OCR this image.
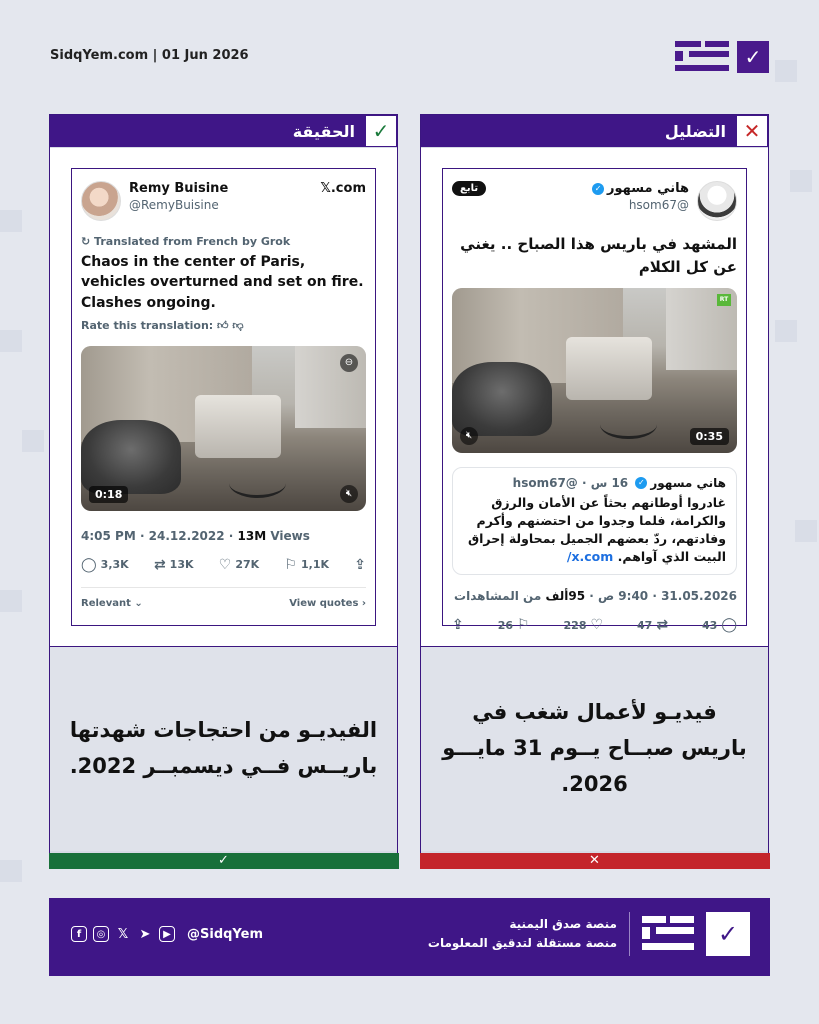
SidqYem.com | 01 Jun 2026	✓
الحقيقة ✓
Remy Buisine
@RemyBuisine
𝕏.com
↻ Translated from French by Grok
Chaos in the center of Paris, vehicles overturned and set on fire. Clashes ongoing.
Rate this translation: 👍︎ 👎︎
⊖
🔇︎
0:18
4:05 PM · 24.12.2022 · 13M Views
◯ 3,3K ⇄ 13K ♡ 27K ⚐ 1,1K ⇪
Relevant ⌄	View quotes ›
الفيديـو من احتجاجات شهدتها باريــس فــي ديسمبــر 2022.
✓
التضليل ✕
هاني مسهور✓
@hsom67
تابع
المشهد في باريس هذا الصباح .. يغني عن كل الكلام
RT
🔇︎	0:35
هاني مسهور✓ 16 س · @hsom67
غادروا أوطانهم بحثاً عن الأمان والرزق والكرامة، فلما وجدوا من احتضنهم وأكرم وفادتهم، ردّ بعضهم الجميل بمحاولة إحراق البيت الذي آواهم. x.com/
31.05.2026 · 9:40 ص · 95ألف من المشاهدات
43 ◯
47 ⇄
228 ♡
26 ⚐
⇪
فيديـو لأعمال شغب في باريس صبــاح يــوم 31 مايـــو 2026.
✕
f	◎ 𝕏 ➤	▶	@SidqYem
منصة صدق اليمنية
منصة مستقلة لتدقيق المعلومات	✓
